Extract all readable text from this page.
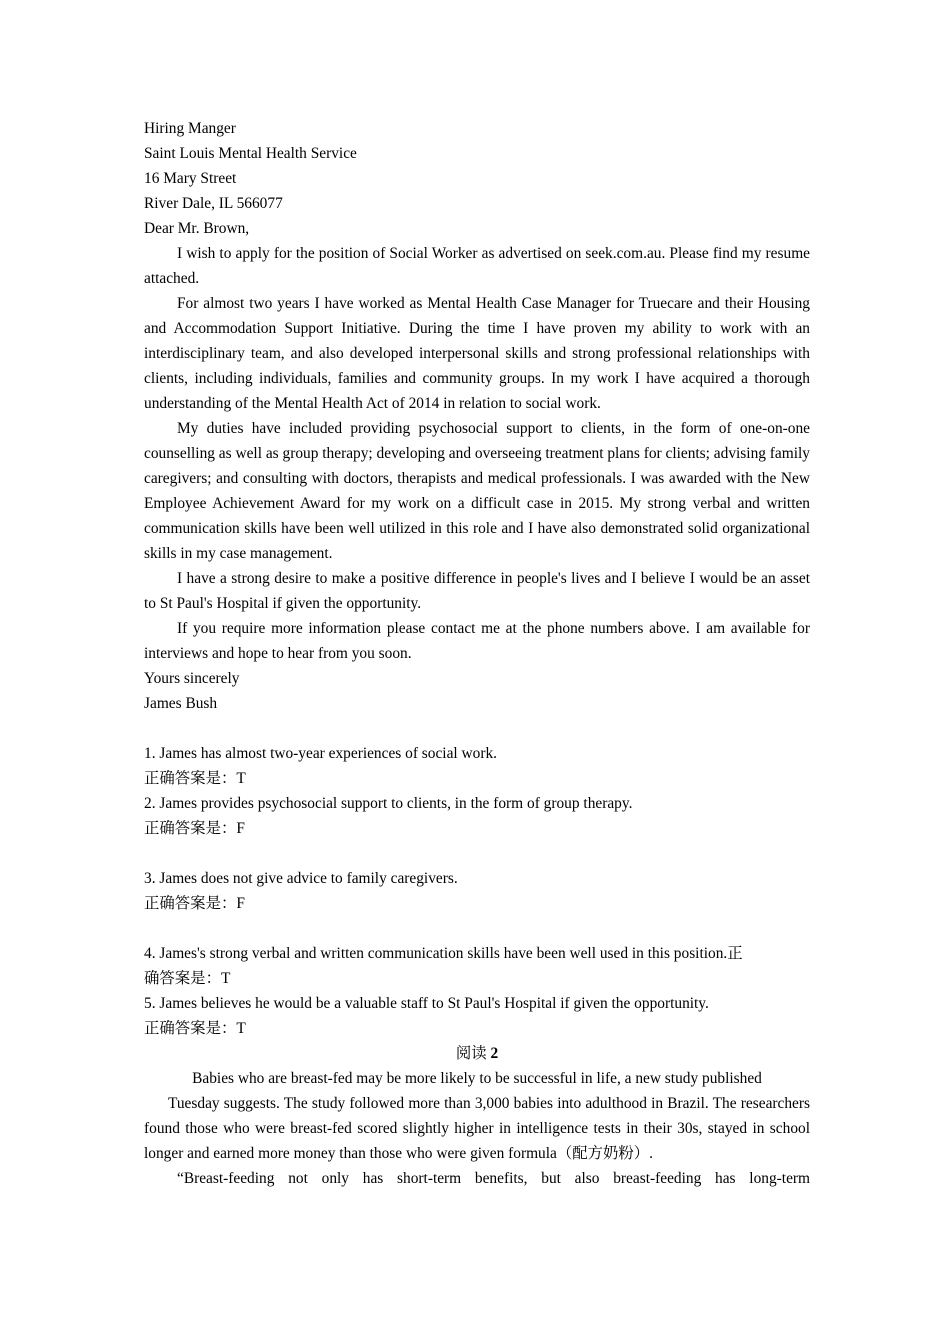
Hiring Manger
Saint Louis Mental Health Service
16 Mary Street
River Dale, IL 566077
Dear Mr. Brown,
I wish to apply for the position of Social Worker as advertised on seek.com.au. Please find my resume attached.
For almost two years I have worked as Mental Health Case Manager for Truecare and their Housing and Accommodation Support Initiative. During the time I have proven my ability to work with an interdisciplinary team, and also developed interpersonal skills and strong professional relationships with clients, including individuals, families and community groups. In my work I have acquired a thorough understanding of the Mental Health Act of 2014 in relation to social work.
My duties have included providing psychosocial support to clients, in the form of one-on-one counselling as well as group therapy; developing and overseeing treatment plans for clients; advising family caregivers; and consulting with doctors, therapists and medical professionals. I was awarded with the New Employee Achievement Award for my work on a difficult case in 2015. My strong verbal and written communication skills have been well utilized in this role and I have also demonstrated solid organizational skills in my case management.
I have a strong desire to make a positive difference in people's lives and I believe I would be an asset to St Paul's Hospital if given the opportunity.
If you require more information please contact me at the phone numbers above. I am available for interviews and hope to hear from you soon.
Yours sincerely
James Bush
1. James has almost two-year experiences of social work.
正确答案是：T
2. James provides psychosocial support to clients, in the form of group therapy.
正确答案是：F
3. James does not give advice to family caregivers.
正确答案是：F
4. James's strong verbal and written communication skills have been well used in this position.正
确答案是：T
5. James believes he would be a valuable staff to St Paul's Hospital if given the opportunity.
正确答案是：T
阅读 2
Babies who are breast-fed may be more likely to be successful in life, a new study published
Tuesday suggests. The study followed more than 3,000 babies into adulthood in Brazil. The researchers found those who were breast-fed scored slightly higher in intelligence tests in their 30s, stayed in school longer and earned more money than those who were given formula（配方奶粉）.
“Breast-feeding not only has short-term benefits, but also breast-feeding has long-term
